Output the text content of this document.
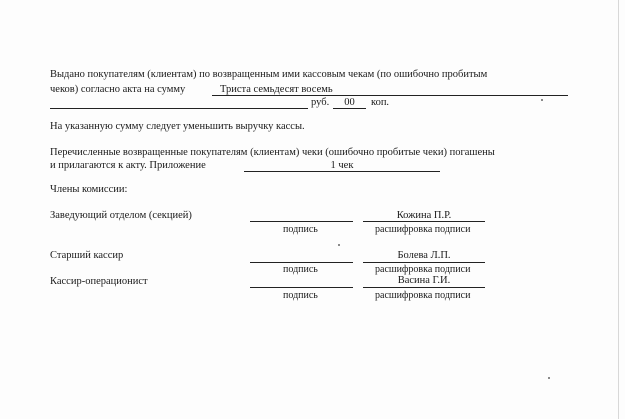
Выдано покупателям (клиентам) по возвращенным ими кассовым чекам (по ошибочно пробитым
чеков) согласно акта на сумму	Триста семьдесят восемь
руб.	00	коп.
На указанную сумму следует уменьшить выручку кассы.
Перечисленные возвращенные покупателям (клиентам) чеки (ошибочно пробитые чеки) погашены
и прилагаются к акту. Приложение	1 чек
Члены комиссии:
Заведующий отделом (секцией)	Кожина П.Р.
подпись	расшифровка подписи
Старший кассир	Болева Л.П.
подпись	расшифровка подписи
Кассир-операционист	Васина Г.И.
подпись	расшифровка подписи
